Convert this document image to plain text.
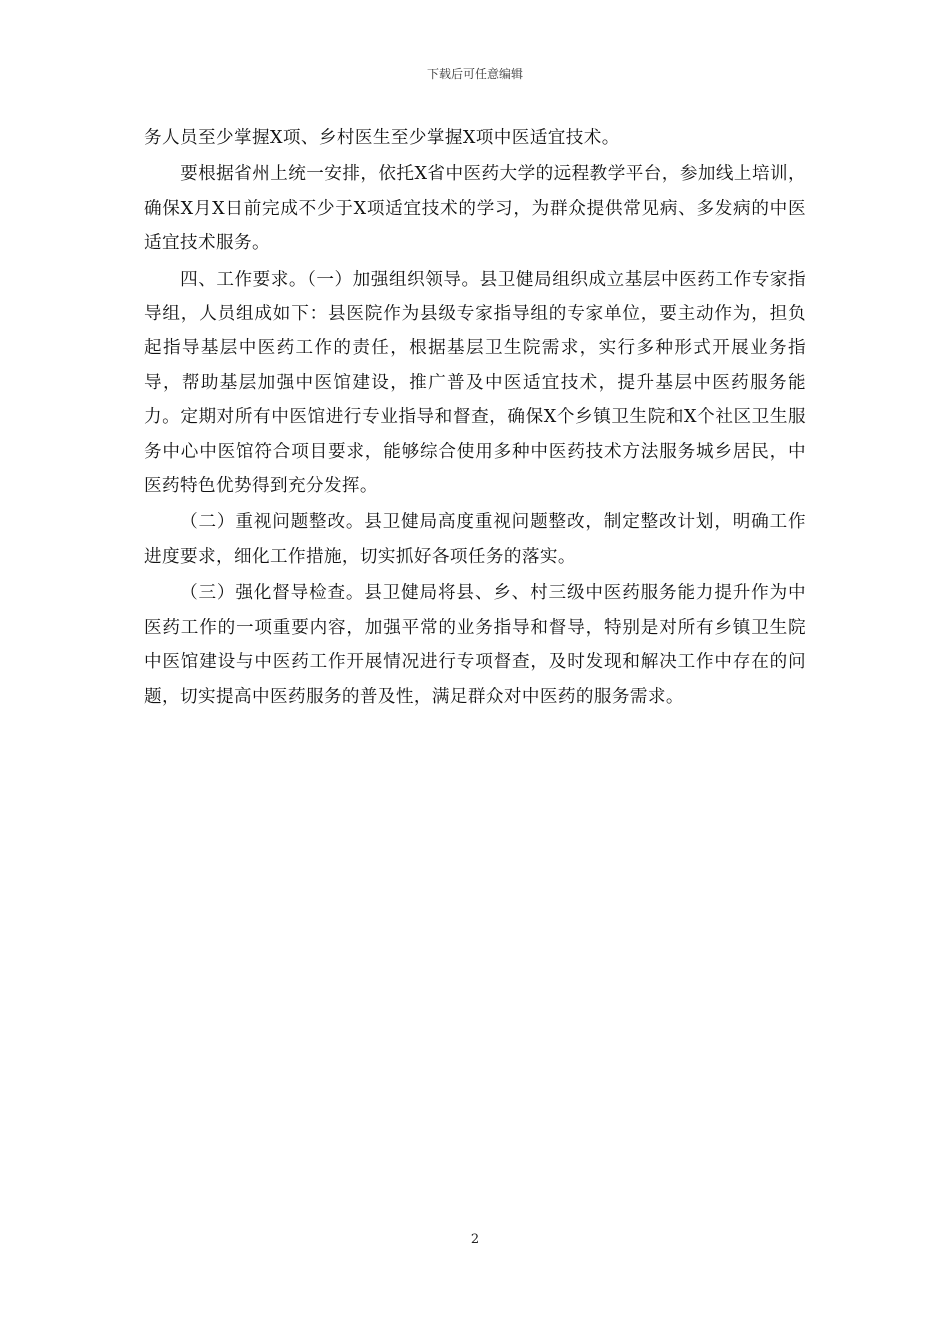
下载后可任意编辑

务人员至少掌握X项、乡村医生至少掌握X项中医适宜技术。

要根据省州上统一安排，依托X省中医药大学的远程教学平台，参加线上培训，确保X月X日前完成不少于X项适宜技术的学习，为群众提供常见病、多发病的中医适宜技术服务。

四、工作要求。（一）加强组织领导。县卫健局组织成立基层中医药工作专家指导组，人员组成如下：县医院作为县级专家指导组的专家单位，要主动作为，担负起指导基层中医药工作的责任，根据基层卫生院需求，实行多种形式开展业务指导，帮助基层加强中医馆建设，推广普及中医适宜技术，提升基层中医药服务能力。定期对所有中医馆进行专业指导和督查，确保X个乡镇卫生院和X个社区卫生服务中心中医馆符合项目要求，能够综合使用多种中医药技术方法服务城乡居民，中医药特色优势得到充分发挥。

（二）重视问题整改。县卫健局高度重视问题整改，制定整改计划，明确工作进度要求，细化工作措施，切实抓好各项任务的落实。

（三）强化督导检查。县卫健局将县、乡、村三级中医药服务能力提升作为中医药工作的一项重要内容，加强平常的业务指导和督导，特别是对所有乡镇卫生院中医馆建设与中医药工作开展情况进行专项督查，及时发现和解决工作中存在的问题，切实提高中医药服务的普及性，满足群众对中医药的服务需求。

2
